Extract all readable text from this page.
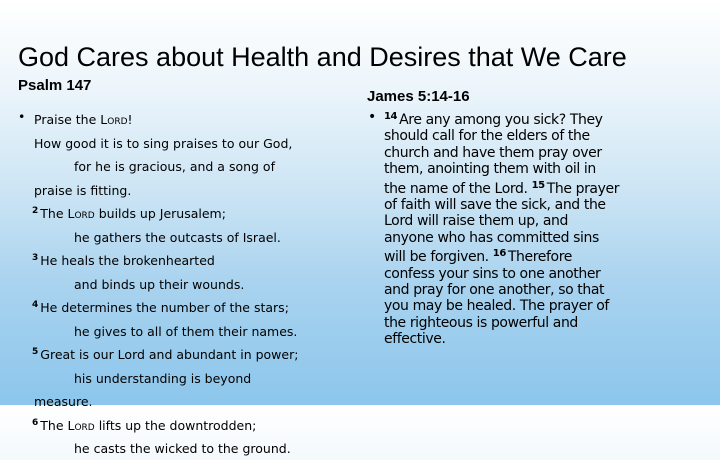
God Cares about Health and Desires that We Care
Psalm 147
James 5:14-16
• Praise the Lord!
How good it is to sing praises to our God,
for he is gracious, and a song of
praise is fitting.
$^2$ The Lord builds up Jerusalem;
he gathers the outcasts of Israel.
$^3$ He heals the brokenhearted
and binds up their wounds.
$^4$ He determines the number of the stars;
he gives to all of them their names.
$^5$ Great is our Lord and abundant in power;
his understanding is beyond
measure.
$^6$ The Lord lifts up the downtrodden;
he casts the wicked to the ground.
• $^{14}$ Are any among you sick? They
should call for the elders of the
church and have them pray over
them, anointing them with oil in
the name of the Lord. $^{15}$ The prayer
of faith will save the sick, and the
Lord will raise them up, and
anyone who has committed sins
will be forgiven. $^{16}$ Therefore
confess your sins to one another
and pray for one another, so that
you may be healed. The prayer of
the righteous is powerful and
effective.
